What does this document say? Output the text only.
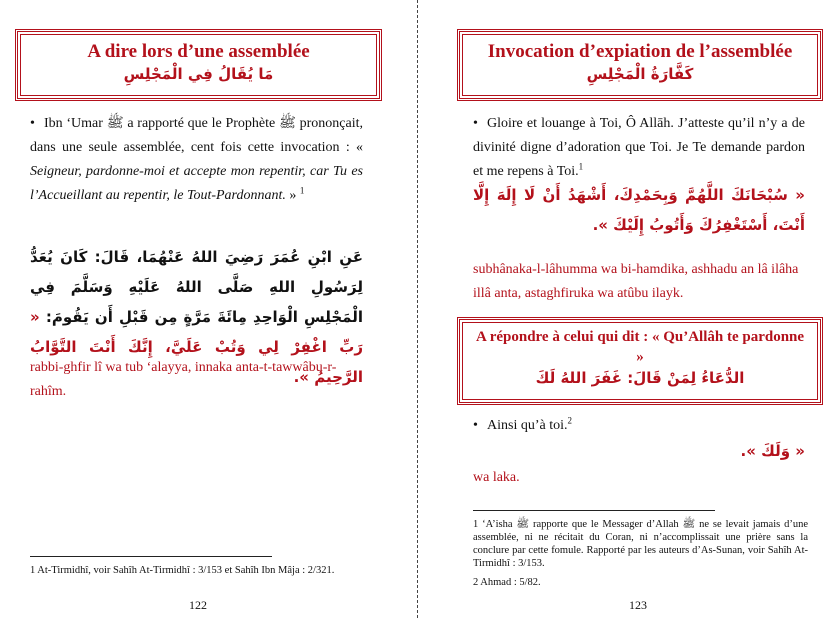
A dire lors d’une assemblée
مَا يُقَالُ فِي الْمَجْلِسِ
• Ibn ‘Umar ﷺ a rapporté que le Prophète ﷺ prononçait, dans une seule assemblée, cent fois cette invocation : « Seigneur, pardonne-moi et accepte mon repentir, car Tu es l’Accueillant au repentir, le Tout-Pardonnant. » $^1$
عَنِ ابْنِ عُمَرَ رَضِيَ اللهُ عَنْهُمَا، قَالَ: كَانَ يُعَدُّ لِرَسُولِ اللهِ صَلَّى اللهُ عَلَيْهِ وَسَلَّمَ فِي الْمَجْلِسِ الْوَاحِدِ مِائَةَ مَرَّةٍ مِن قَبْلِ أَن يَقُومَ: « رَبِّ اغْفِرْ لِي وَتُبْ عَلَيَّ، إِنَّكَ أَنْتَ التَّوَّابُ الرَّحِيمُ ».
rabbi-ghfir lî wa tub ‘alayya, innaka anta-t-tawwâbu-r-rahîm.
1 At-Tirmidhî, voir Sahîh At-Tirmidhî : 3/153 et Sahîh Ibn Mâja : 2/321.
122
Invocation d’expiation de l’assemblée
كَفَّارَةُ الْمَجْلِسِ
• Gloire et louange à Toi, Ô Allāh. J’atteste qu’il n’y a de divinité digne d’adoration que Toi. Je Te demande pardon et me repens à Toi.$^1$
« سُبْحَانَكَ اللَّهُمَّ وَبِحَمْدِكَ، أَشْهَدُ أَنْ لَا إِلَهَ إِلَّا أَنْتَ، أَسْتَغْفِرُكَ وَأَتُوبُ إِلَيْكَ ».
subhânaka-l-lâhumma wa bi-hamdika, ashhadu an lâ ilâha illâ anta, astaghfiruka wa atûbu ilayk.
A répondre à celui qui dit : « Qu’Allâh te pardonne »
الدُّعَاءُ لِمَنْ قَالَ: غَفَرَ اللهُ لَكَ
• Ainsi qu’à toi.$^2$
« وَلَكَ ».
wa laka.
1 ‘A’isha ﷺ rapporte que le Messager d’Allah ﷺ ne se levait jamais d’une assemblée, ni ne récitait du Coran, ni n’accomplissait une prière sans la conclure par cette fomule. Rapporté par les auteurs d’As-Sunan, voir Sahîh At-Tirmidhî : 3/153.
2 Ahmad : 5/82.
123
